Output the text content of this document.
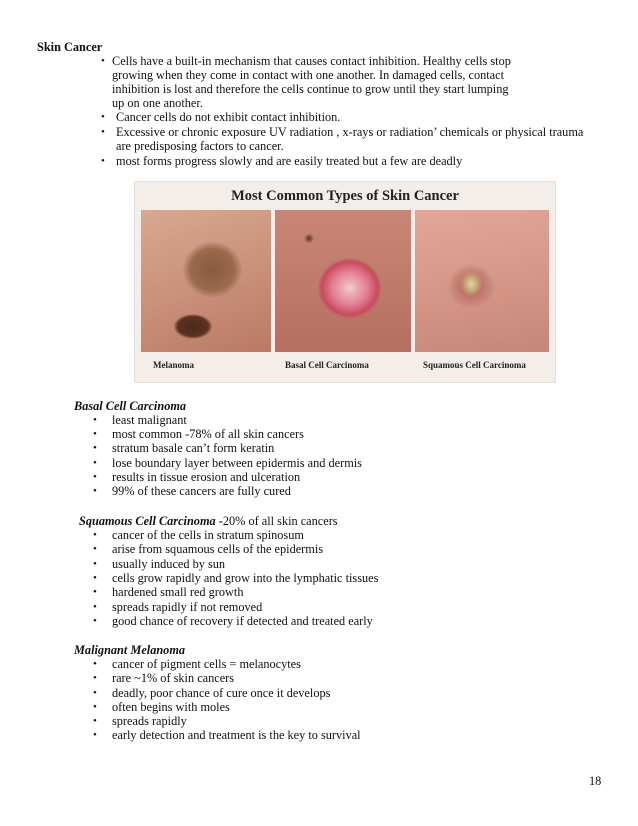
Skin Cancer
• Cells have a built-in mechanism that causes contact inhibition. Healthy cells stop
growing when they come in contact with one another. In damaged cells, contact
inhibition is lost and therefore the cells continue to grow until they start lumping
up on one another.
• Cancer cells do not exhibit contact inhibition.
• Excessive or chronic exposure UV radiation , x-rays or radiation’ chemicals or physical trauma
are predisposing factors to cancer.
• most forms progress slowly and are easily treated but a few are deadly
Most Common Types of Skin Cancer
Melanoma	Basal Cell Carcinoma	Squamous Cell Carcinoma
Basal Cell Carcinoma
• least malignant
• most common -78% of all skin cancers
• stratum basale can’t form keratin
• lose boundary layer between epidermis and dermis
• results in tissue erosion and ulceration
• 99% of these cancers are fully cured
Squamous Cell Carcinoma -20% of all skin cancers
• cancer of the cells in stratum spinosum
• arise from squamous cells of the epidermis
• usually induced by sun
• cells grow rapidly and grow into the lymphatic tissues
• hardened small red growth
• spreads rapidly if not removed
• good chance of recovery if detected and treated early
Malignant Melanoma
• cancer of pigment cells = melanocytes
• rare ~1% of skin cancers
• deadly, poor chance of cure once it develops
• often begins with moles
• spreads rapidly
• early detection and treatment is the key to survival
18
